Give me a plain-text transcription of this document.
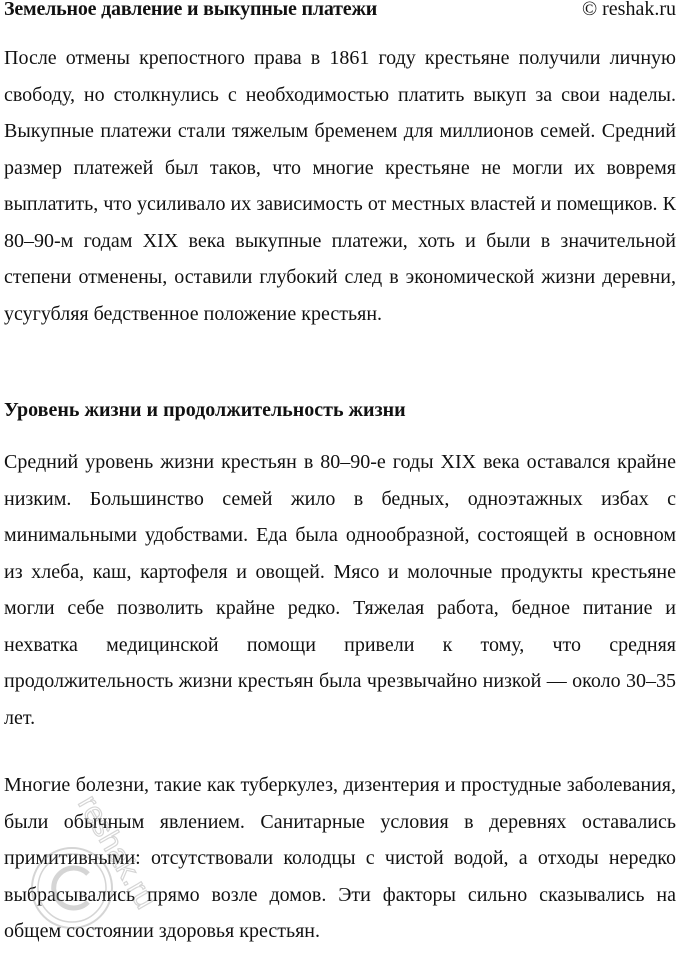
Земельное давление и выкупные платежи	© reshak.ru

После отмены крепостного права в 1861 году крестьяне получили личную свободу, но столкнулись с необходимостью платить выкуп за свои наделы. Выкупные платежи стали тяжелым бременем для миллионов семей. Средний размер платежей был таков, что многие крестьяне не могли их вовремя выплатить, что усиливало их зависимость от местных властей и помещиков. К 80–90-м годам XIX века выкупные платежи, хоть и были в значительной степени отменены, оставили глубокий след в экономической жизни деревни, усугубляя бедственное положение крестьян.

Уровень жизни и продолжительность жизни

Средний уровень жизни крестьян в 80–90-е годы XIX века оставался крайне низким. Большинство семей жило в бедных, одноэтажных избах с минимальными удобствами. Еда была однообразной, состоящей в основном из хлеба, каш, картофеля и овощей. Мясо и молочные продукты крестьяне могли себе позволить крайне редко. Тяжелая работа, бедное питание и нехватка медицинской помощи привели к тому, что средняя продолжительность жизни крестьян была чрезвычайно низкой — около 30–35 лет.

Многие болезни, такие как туберкулез, дизентерия и простудные заболевания, были обычным явлением. Санитарные условия в деревнях оставались примитивными: отсутствовали колодцы с чистой водой, а отходы нередко выбрасывались прямо возле домов. Эти факторы сильно сказывались на общем состоянии здоровья крестьян.

reshak.ru
